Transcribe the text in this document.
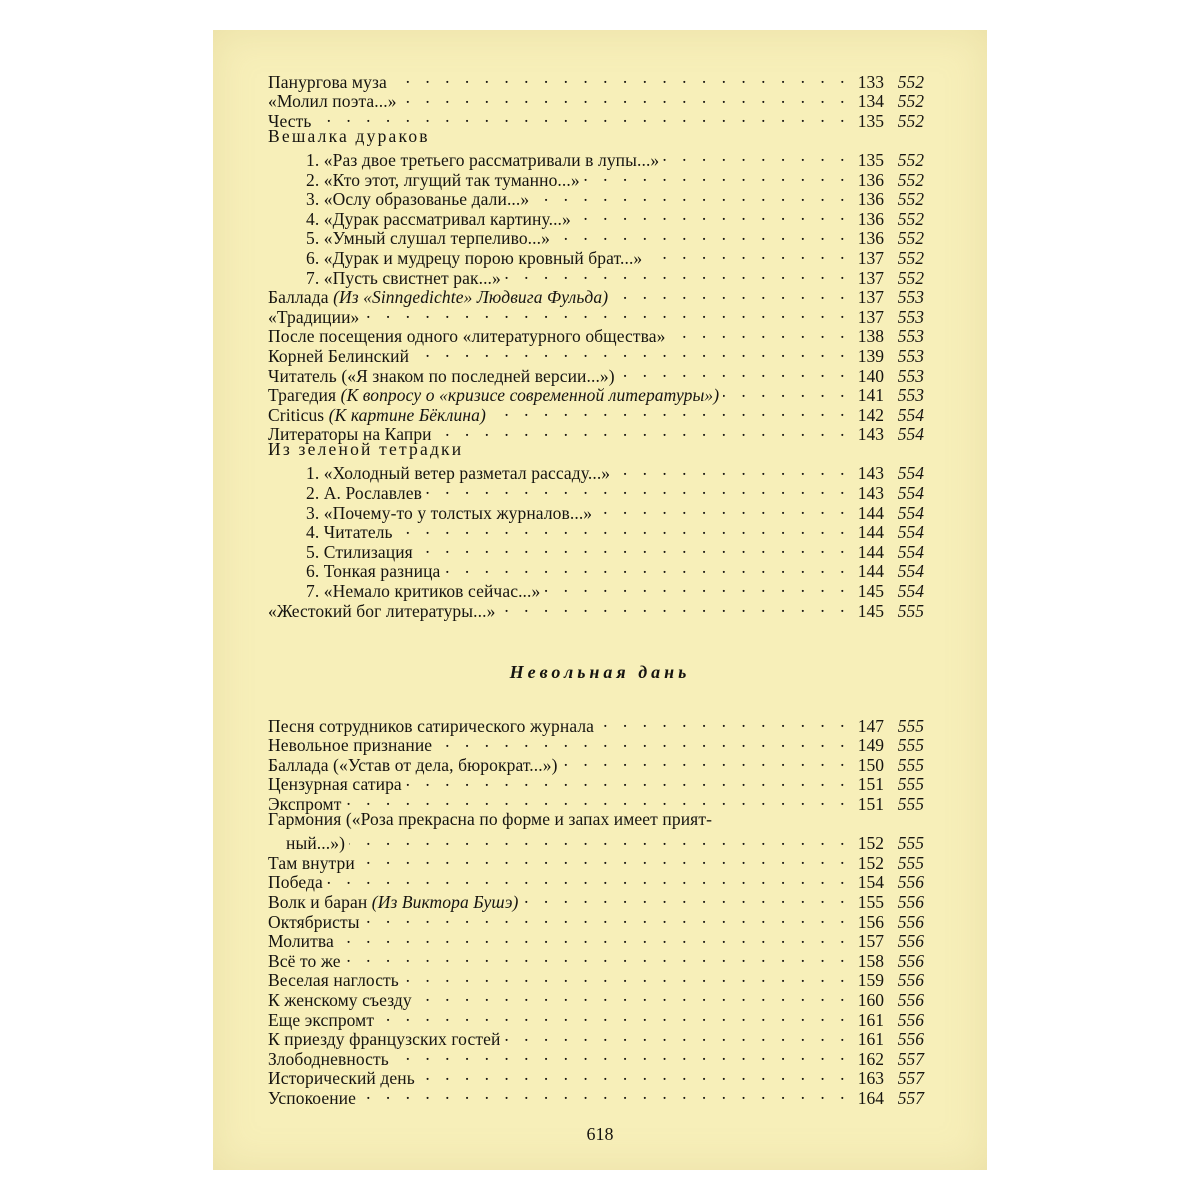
Панургова муза . . .	133 552
«Молил поэта...» . . .	134 552
Честь . . .	135 552
Вешалка дураков
1. «Раз двое третьего рассматривали в лупы...» . . .	135 552
2. «Кто этот, лгущий так туманно...» . . .	136 552
3. «Ослу образованье дали...» . . .	136 552
4. «Дурак рассматривал картину...» . . .	136 552
5. «Умный слушал терпеливо...» . . .	136 552
6. «Дурак и мудрецу порою кровный брат...» . . .	137 552
7. «Пусть свистнет рак...» . . .	137 552
Баллада (Из «Sinngedichte» Людвига Фульда) . . .	137 553
«Традиции» . . .	137 553
После посещения одного «литературного общества» . . .	138 553
Корней Белинский . . .	139 553
Читатель («Я знаком по последней версии...») . . .	140 553
Трагедия (К вопросу о «кризисе современной литературы») . . .	141 553
Criticus (К картине Бёклина) . . .	142 554
Литераторы на Капри . . .	143 554
Из зеленой тетрадки
1. «Холодный ветер разметал рассаду...» . . .	143 554
2. А. Рославлев . . .	143 554
3. «Почему-то у толстых журналов...» . . .	144 554
4. Читатель . . .	144 554
5. Стилизация . . .	144 554
6. Тонкая разница . . .	144 554
7. «Немало критиков сейчас...» . . .	145 554
«Жестокий бог литературы...» . . .	145 555
Невольная дань
Песня сотрудников сатирического журнала . . .	147 555
Невольное признание . . .	149 555
Баллада («Устав от дела, бюрократ...») . . .	150 555
Цензурная сатира . . .	151 555
Экспромт . . .	151 555
Гармония («Роза прекрасна по форме и запах имеет прият-
ный...») . . .	152 555
Там внутри . . .	152 555
Победа . . .	154 556
Волк и баран (Из Виктора Бушэ) . . .	155 556
Октябристы . . .	156 556
Молитва . . .	157 556
Всё то же . . .	158 556
Веселая наглость . . .	159 556
К женскому съезду . . .	160 556
Еще экспромт . . .	161 556
К приезду французских гостей . . .	161 556
Злободневность . . .	162 557
Исторический день . . .	163 557
Успокоение . . .	164 557
618
